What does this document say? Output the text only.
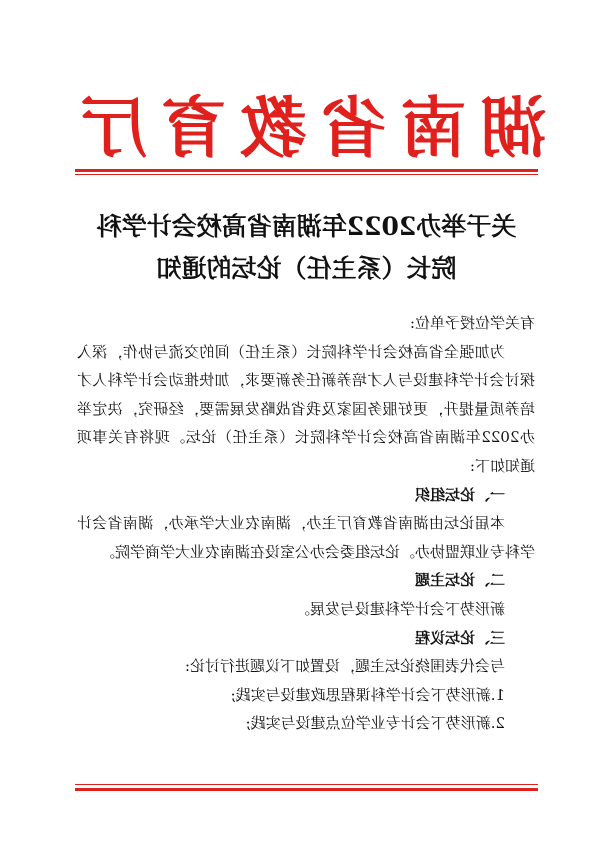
湖南省教育厅
关于举办2022年湖南省高校会计学科
院长（系主任）论坛的通知

有关学位授予单位:

为加强全省高校会计学科院长（系主任）间的交流与协作，深入探讨会计学科建设与人才培养新任务新要求，加快推动会计学科人才培养质量提升，更好服务国家及我省战略发展需要，经研究，决定举办2022年湖南省高校会计学科院长（系主任）论坛。现将有关事项通知如下:

一、论坛组织

本届论坛由湖南省教育厅主办，湖南农业大学承办，湖南省会计学科专业联盟协办。论坛组委会办公室设在湖南农业大学商学院。

二、论坛主题

新形势下会计学科建设与发展。

三、论坛议程

与会代表围绕论坛主题，设置如下议题进行讨论:

1.新形势下会计学科课程思政建设与实践;

2.新形势下会计专业学位点建设与实践;
